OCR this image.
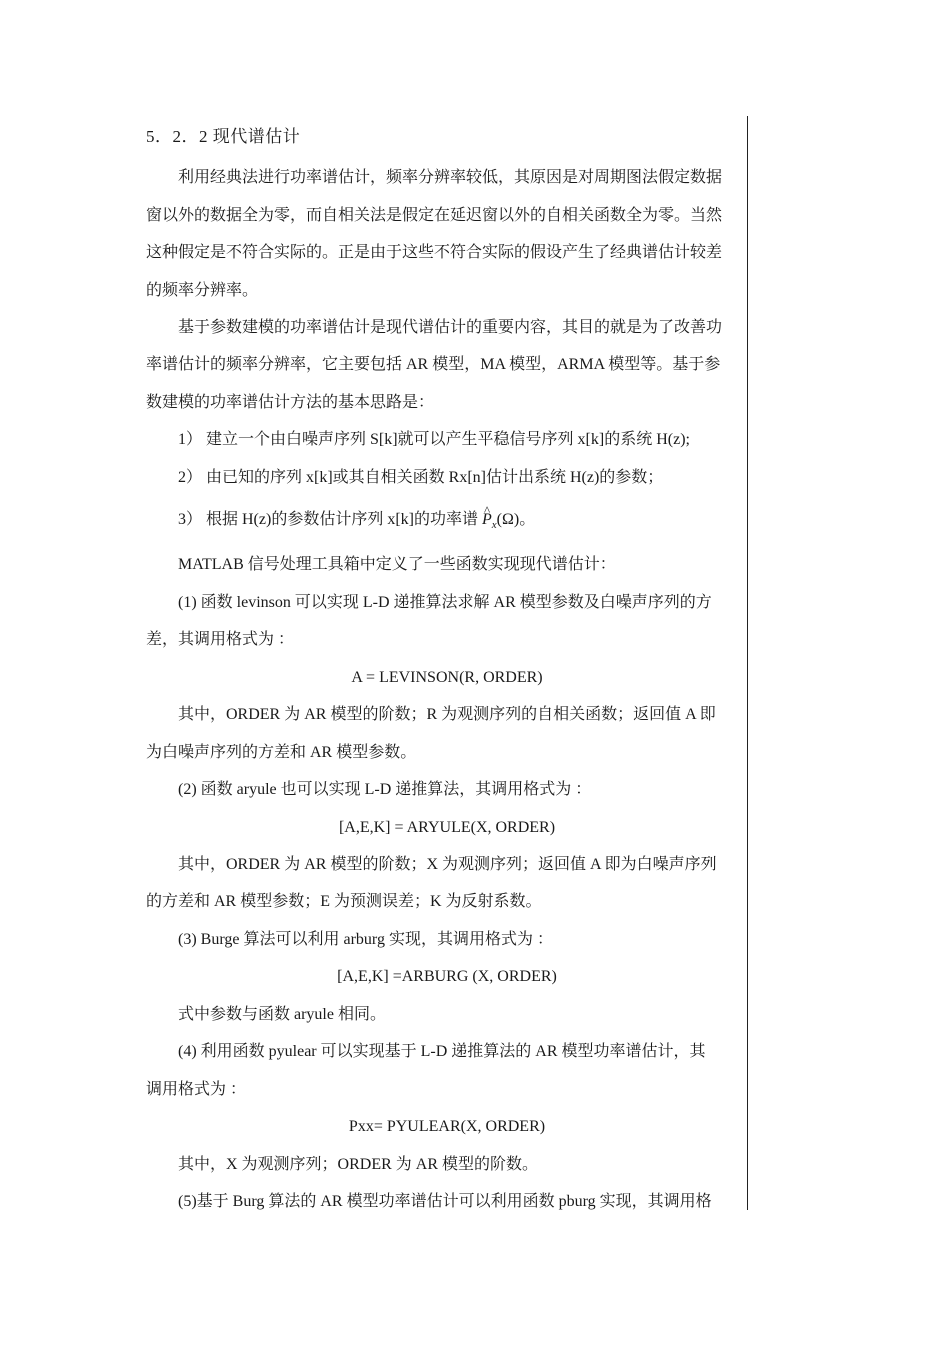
5．2．2 现代谱估计
利用经典法进行功率谱估计，频率分辨率较低，其原因是对周期图法假定数据
窗以外的数据全为零，而自相关法是假定在延迟窗以外的自相关函数全为零。当然
这种假定是不符合实际的。正是由于这些不符合实际的假设产生了经典谱估计较差
的频率分辨率。
基于参数建模的功率谱估计是现代谱估计的重要内容，其目的就是为了改善功
率谱估计的频率分辨率，它主要包括 AR 模型，MA 模型，ARMA 模型等。基于参
数建模的功率谱估计方法的基本思路是：
1） 建立一个由白噪声序列 S[k]就可以产生平稳信号序列 x[k]的系统 H(z);
2） 由已知的序列 x[k]或其自相关函数 Rx[n]估计出系统 H(z)的参数；
3） 根据 H(z)的参数估计序列 x[k]的功率谱 ^ $P_x(\Omega)$。
MATLAB 信号处理工具箱中定义了一些函数实现现代谱估计：
(1) 函数 levinson 可以实现 L-D 递推算法求解 AR 模型参数及白噪声序列的方
差，其调用格式为 ：
A = LEVINSON(R, ORDER)
其中，ORDER 为 AR 模型的阶数；R 为观测序列的自相关函数；返回值 A 即
为白噪声序列的方差和 AR 模型参数。
(2) 函数 aryule 也可以实现 L-D 递推算法，其调用格式为 ：
[A,E,K] = ARYULE(X, ORDER)
其中，ORDER 为 AR 模型的阶数；X 为观测序列；返回值 A 即为白噪声序列
的方差和 AR 模型参数；E 为预测误差；K 为反射系数。
(3) Burge 算法可以利用 arburg 实现，其调用格式为 ：
[A,E,K] =ARBURG (X, ORDER)
式中参数与函数 aryule 相同。
(4) 利用函数 pyulear 可以实现基于 L-D 递推算法的 AR 模型功率谱估计，其
调用格式为 ：
Pxx= PYULEAR(X, ORDER)
其中，X 为观测序列；ORDER 为 AR 模型的阶数。
(5)基于 Burg 算法的 AR 模型功率谱估计可以利用函数 pburg 实现，其调用格
